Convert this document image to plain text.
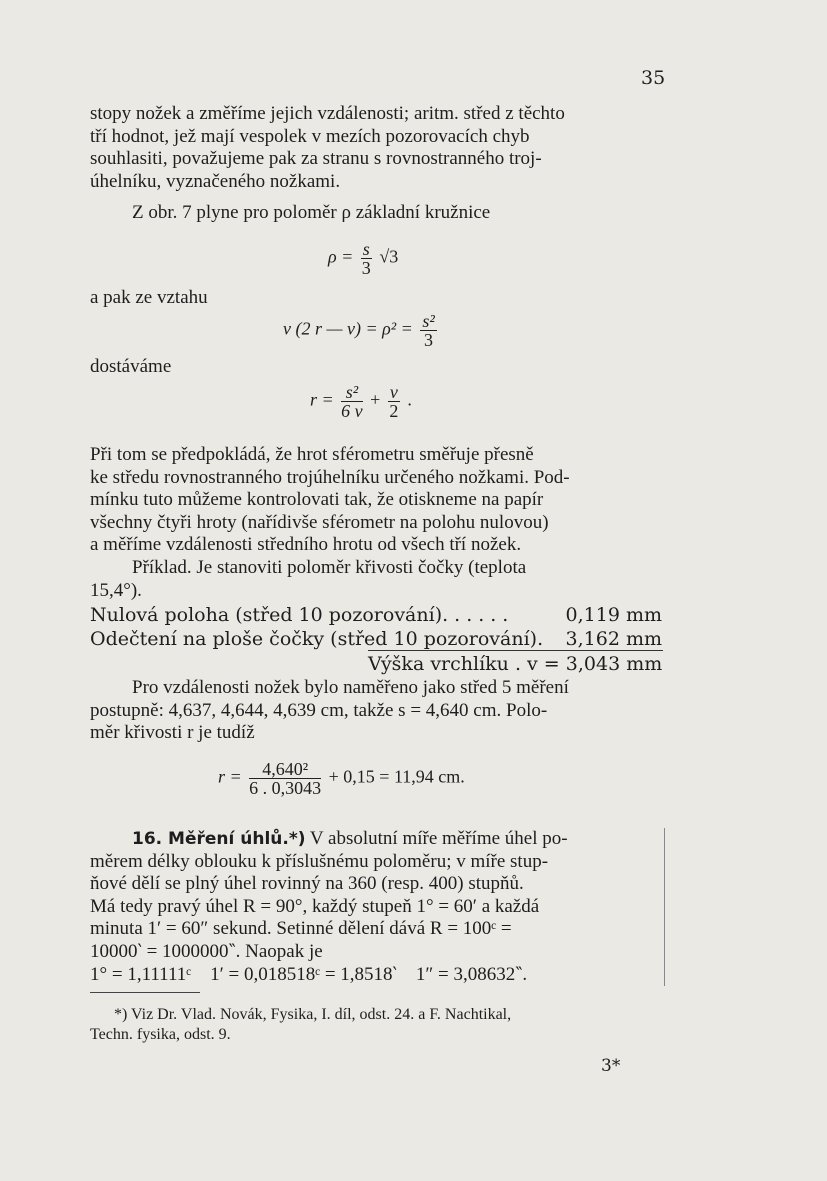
35
stopy nožek a změříme jejich vzdálenosti; aritm. střed z těchto
tří hodnot, jež mají vespolek v mezích pozorovacích chyb
souhlasiti, považujeme pak za stranu s rovnostranného troj-
úhelníku, vyznačeného nožkami.
Z obr. 7 plyne pro poloměr ρ základní kružnice
$\rho = \frac{s}{3} √3$
a pak ze vztahu
v (2 r — $v) = \rho^2 = \frac{\text{s²}}{3}$
dostáváme
$r = \frac{\text{s²}}{6 v} + \frac{v}{2}$ .
Při tom se předpokládá, že hrot sférometru směřuje přesně
ke středu rovnostranného trojúhelníku určeného nožkami. Pod-
mínku tuto můžeme kontrolovati tak, že otiskneme na papír
všechny čtyři hroty (nařídivše sférometr na polohu nulovou)
a měříme vzdálenosti středního hrotu od všech tří nožek.
Příklad. Je stanoviti poloměr křivosti čočky (teplota
15,4°).
Nulová poloha (střed 10 pozorování)......	0,119 mm
Odečtení na ploše čočky (střed 10 pozorování). 3,162 mm
Výška vrchlíku . v = 3,043 mm
Pro vzdálenosti nožek bylo naměřeno jako střed 5 měření
postupně: 4,637, 4,644, 4,639 cm, takže s = 4,640 cm. Polo-
měr křivosti r je tudíž
$r = \frac{\text{4,640²}}{6 . 0,3043} + 0,15 = 11,94$ cm.
16. Měření úhlů.*) V absolutní míře měříme úhel po-
měrem délky oblouku k příslušnému poloměru; v míře stup-
ňové dělí se plný úhel rovinný na 360 (resp. 400) stupňů.
Má tedy pravý úhel R = 90°, každý stupeň 1° = 60′ a každá
minuta 1′ = 60″ sekund. Setinné dělení dává R = 100ᶜ =
10000‵ = 1000000‶. Naopak je
1° = 1,11111ᶜ    1′ = 0,018518ᶜ = 1,8518‵    1″ = 3,08632‶.
*) Viz Dr. Vlad. Novák, Fysika, I. díl, odst. 24. a F. Nachtikal,
Techn. fysika, odst. 9.
3*
